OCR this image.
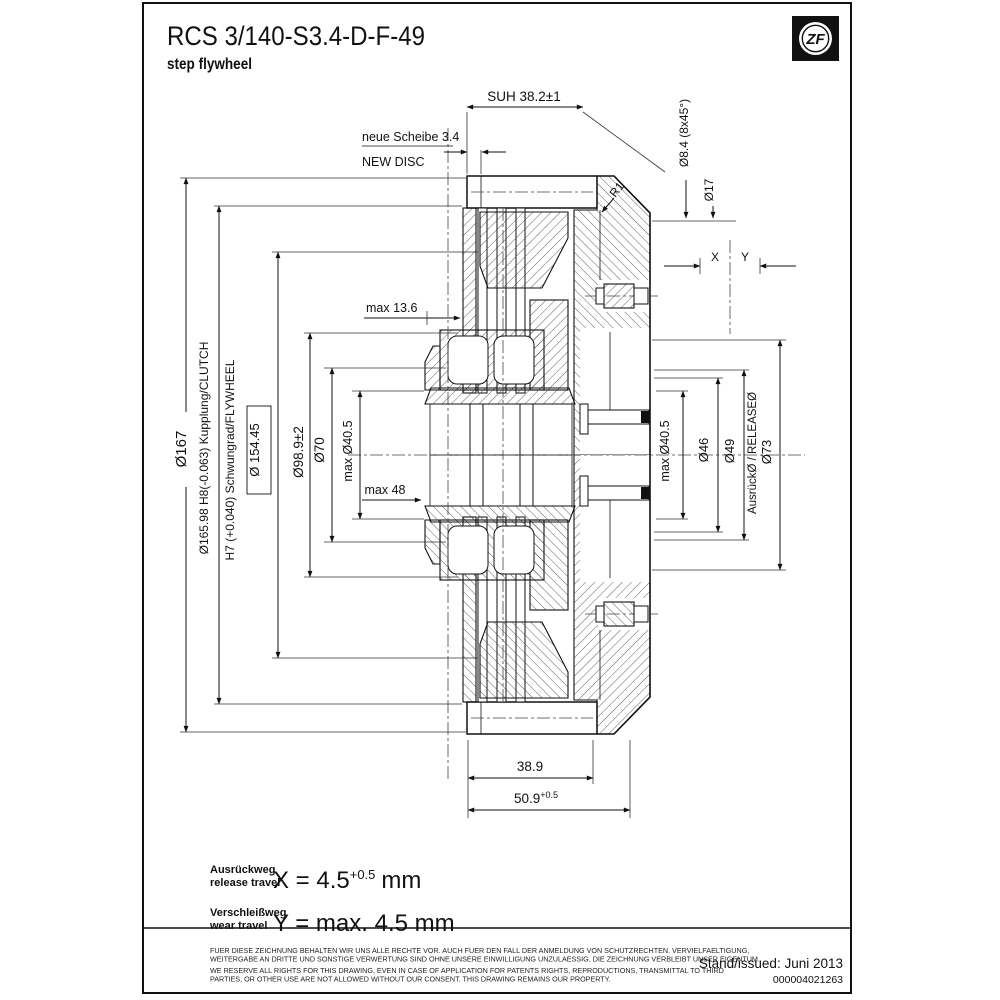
RCS 3/140-S3.4-D-F-49
step flywheel
ZF
SUH 38.2±1
neue Scheibe 3.4
NEW DISC	Ø8.4 (8x45°)
Ø17
R1
X Y
max 13.6
Ø167 Ø165.98 H8(-0.063) Kupplung/CLUTCH H7 (+0.040) Schwungrad/FLYWHEEL Ø 154.45 Ø98.9±2 Ø70 max Ø40.5
max 48
max Ø40.5 Ø46 Ø49 AusrückØ / RELEASEØ Ø73
38.9
$50.9^{+0.5}$
Ausrückweg
release travel
$X = 4.5^{+0.5}$ mm
Verschleißweg
wear travel Y = max. 4.5 mm
FUER DIESE ZEICHNUNG BEHALTEN WIR UNS ALLE RECHTE VOR. AUCH FUER DEN FALL DER ANMELDUNG VON SCHUTZRECHTEN. VERVIELFAELTIGUNG,
WEITERGABE AN DRITTE UND SONSTIGE VERWERTUNG SIND OHNE UNSERE EINWILLIGUNG UNZULAESSIG. DIE ZEICHNUNG VERBLEIBT UNSER EIGENTUM.
WE RESERVE ALL RIGHTS FOR THIS DRAWING, EVEN IN CASE OF APPLICATION FOR PATENTS RIGHTS, REPRODUCTIONS, TRANSMITTAL TO THIRD
PARTIES, OR OTHER USE ARE NOT ALLOWED WITHOUT OUR CONSENT. THIS DRAWING REMAINS OUR PROPERTY.
Stand/issued: Juni 2013
000004021263
